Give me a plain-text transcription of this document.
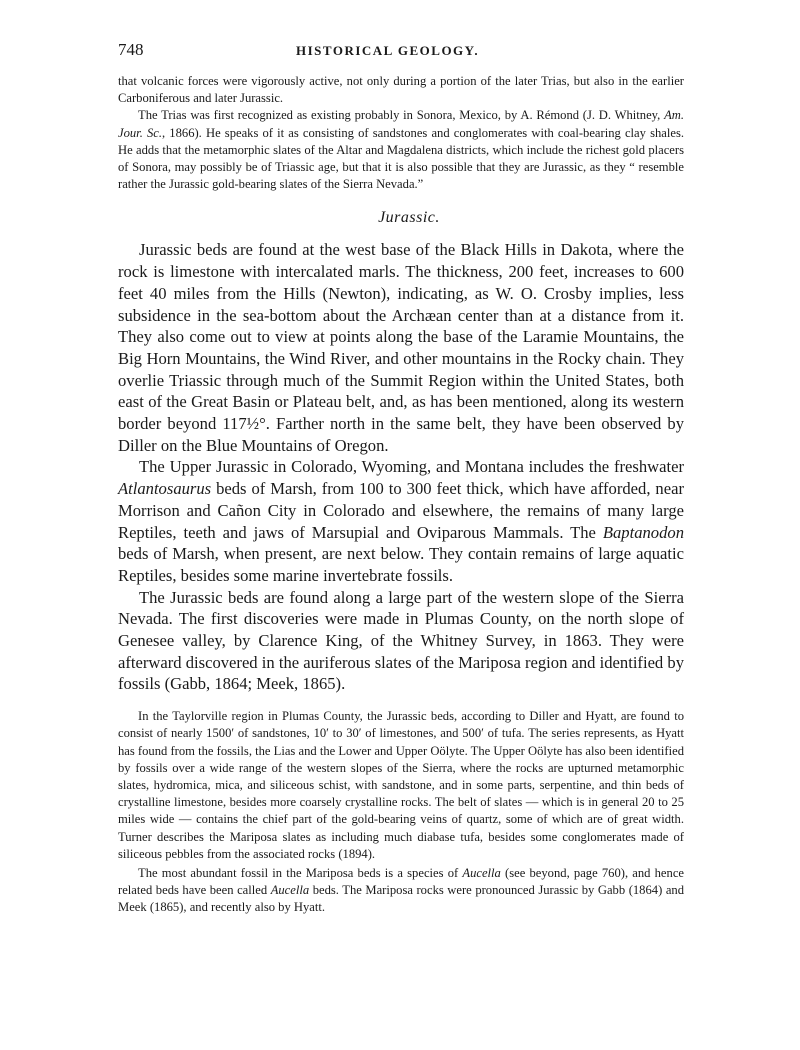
748	HISTORICAL GEOLOGY.

that volcanic forces were vigorously active, not only during a portion of the later Trias, but also in the earlier Carboniferous and later Jurassic.

The Trias was first recognized as existing probably in Sonora, Mexico, by A. Rémond (J. D. Whitney, Am. Jour. Sc., 1866). He speaks of it as consisting of sandstones and conglomerates with coal-bearing clay shales. He adds that the metamorphic slates of the Altar and Magdalena districts, which include the richest gold placers of Sonora, may possibly be of Triassic age, but that it is also possible that they are Jurassic, as they “ resemble rather the Jurassic gold-bearing slates of the Sierra Nevada.”

Jurassic.

Jurassic beds are found at the west base of the Black Hills in Dakota, where the rock is limestone with intercalated marls. The thickness, 200 feet, increases to 600 feet 40 miles from the Hills (Newton), indicating, as W. O. Crosby implies, less subsidence in the sea-bottom about the Archæan center than at a distance from it. They also come out to view at points along the base of the Laramie Mountains, the Big Horn Mountains, the Wind River, and other mountains in the Rocky chain. They overlie Triassic through much of the Summit Region within the United States, both east of the Great Basin or Plateau belt, and, as has been mentioned, along its western border beyond 117½°. Farther north in the same belt, they have been observed by Diller on the Blue Mountains of Oregon.

The Upper Jurassic in Colorado, Wyoming, and Montana includes the freshwater Atlantosaurus beds of Marsh, from 100 to 300 feet thick, which have afforded, near Morrison and Cañon City in Colorado and elsewhere, the remains of many large Reptiles, teeth and jaws of Marsupial and Oviparous Mammals. The Baptanodon beds of Marsh, when present, are next below. They contain remains of large aquatic Reptiles, besides some marine invertebrate fossils.

The Jurassic beds are found along a large part of the western slope of the Sierra Nevada. The first discoveries were made in Plumas County, on the north slope of Genesee valley, by Clarence King, of the Whitney Survey, in 1863. They were afterward discovered in the auriferous slates of the Mariposa region and identified by fossils (Gabb, 1864; Meek, 1865).

In the Taylorville region in Plumas County, the Jurassic beds, according to Diller and Hyatt, are found to consist of nearly 1500′ of sandstones, 10′ to 30′ of limestones, and 500′ of tufa. The series represents, as Hyatt has found from the fossils, the Lias and the Lower and Upper Oölyte. The Upper Oölyte has also been identified by fossils over a wide range of the western slopes of the Sierra, where the rocks are upturned metamorphic slates, hydromica, mica, and siliceous schist, with sandstone, and in some parts, serpentine, and thin beds of crystalline limestone, besides more coarsely crystalline rocks. The belt of slates — which is in general 20 to 25 miles wide — contains the chief part of the gold-bearing veins of quartz, some of which are of great width. Turner describes the Mariposa slates as including much diabase tufa, besides some conglomerates made of siliceous pebbles from the associated rocks (1894).

The most abundant fossil in the Mariposa beds is a species of Aucella (see beyond, page 760), and hence related beds have been called Aucella beds. The Mariposa rocks were pronounced Jurassic by Gabb (1864) and Meek (1865), and recently also by Hyatt.
